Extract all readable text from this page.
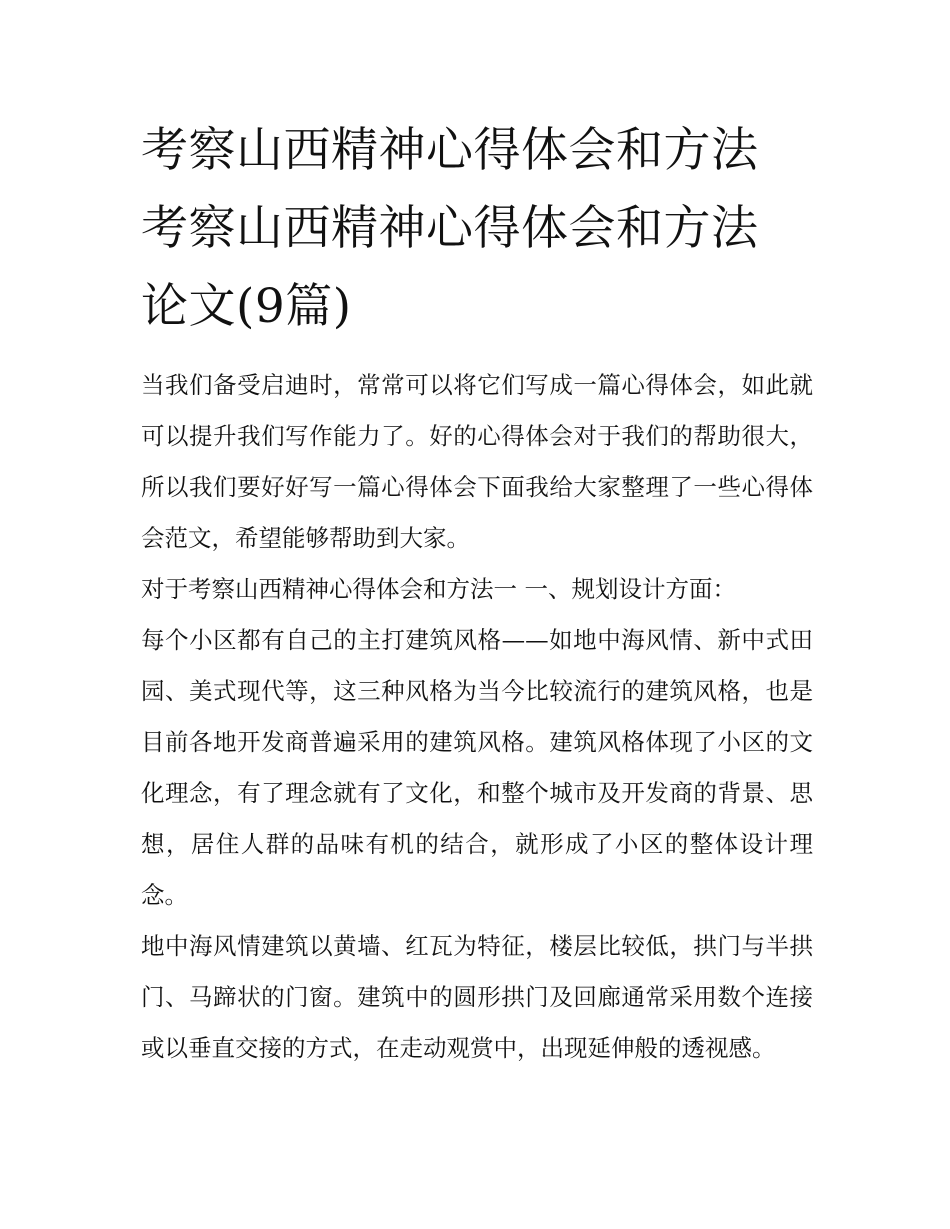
考察山西精神心得体会和方法
考察山西精神心得体会和方法
论文(9篇)

当我们备受启迪时，常常可以将它们写成一篇心得体会，如此就可以提升我们写作能力了。好的心得体会对于我们的帮助很大，所以我们要好好写一篇心得体会下面我给大家整理了一些心得体会范文，希望能够帮助到大家。

对于考察山西精神心得体会和方法一 一、规划设计方面：

每个小区都有自己的主打建筑风格——如地中海风情、新中式田园、美式现代等，这三种风格为当今比较流行的建筑风格，也是目前各地开发商普遍采用的建筑风格。建筑风格体现了小区的文化理念，有了理念就有了文化，和整个城市及开发商的背景、思想，居住人群的品味有机的结合，就形成了小区的整体设计理念。

地中海风情建筑以黄墙、红瓦为特征，楼层比较低，拱门与半拱门、马蹄状的门窗。建筑中的圆形拱门及回廊通常采用数个连接或以垂直交接的方式，在走动观赏中，出现延伸般的透视感。
